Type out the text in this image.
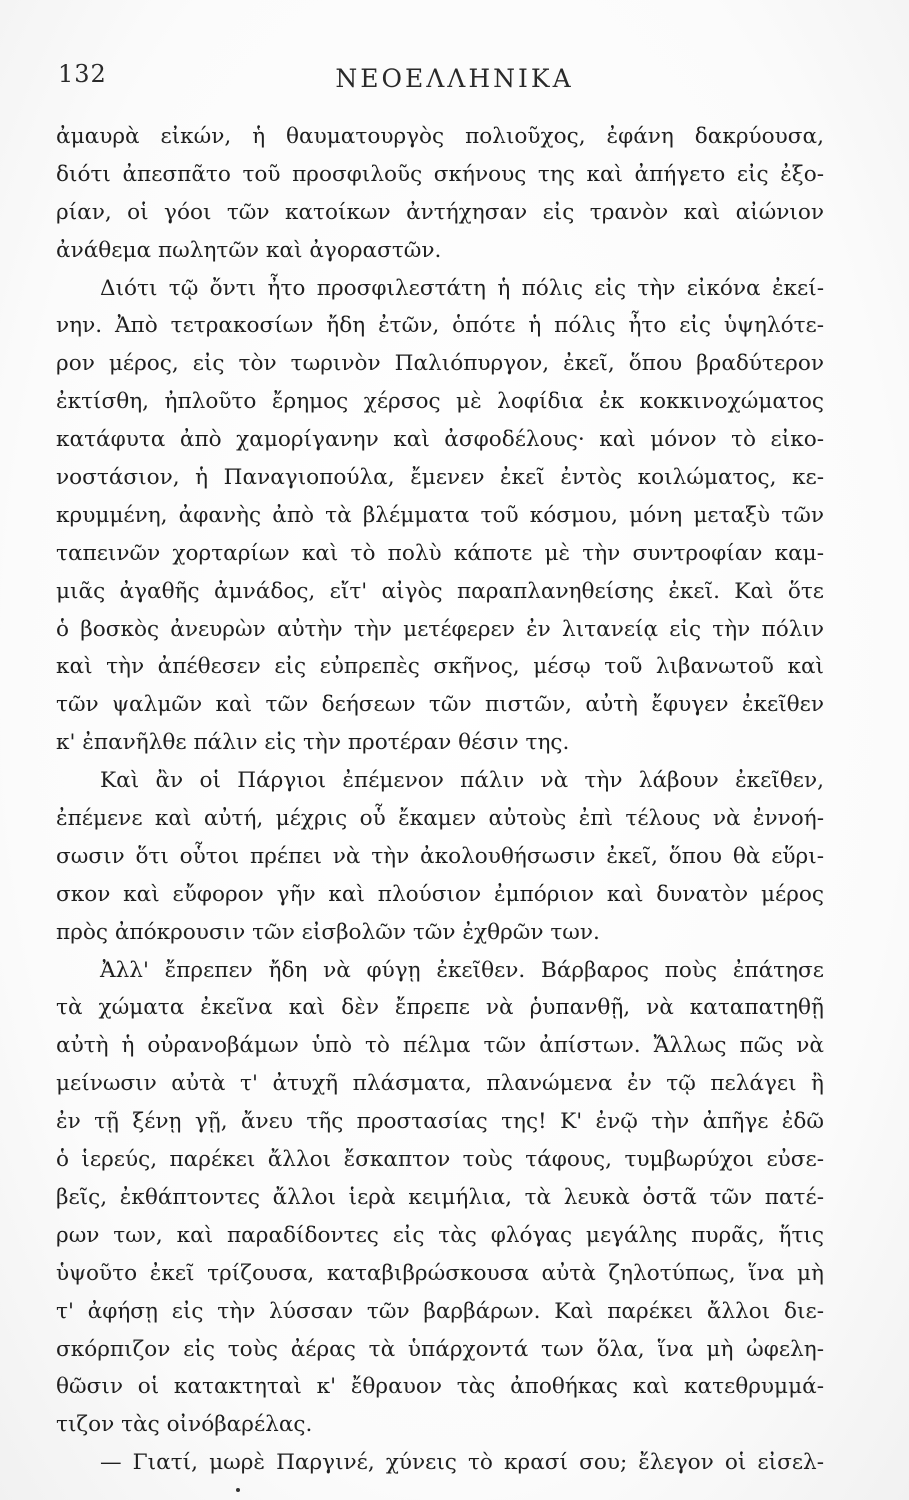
132	ΝΕΟΕΛΛΗΝΙΚΑ
ἀμαυρὰ εἰκών, ἡ θαυματουργὸς πολιοῦχος, ἐφάνη δακρύουσα,
διότι ἀπεσπᾶτο τοῦ προσφιλοῦς σκήνους της καὶ ἀπήγετο εἰς ἐξο-
ρίαν, οἱ γόοι τῶν κατοίκων ἀντήχησαν εἰς τρανὸν καὶ αἰώνιον
ἀνάθεμα πωλητῶν καὶ ἀγοραστῶν.
Διότι τῷ ὄντι ἦτο προσφιλεστάτη ἡ πόλις εἰς τὴν εἰκόνα ἐκεί-
νην. Ἀπὸ τετρακοσίων ἤδη ἐτῶν, ὁπότε ἡ πόλις ἦτο εἰς ὑψηλότε-
ρον μέρος, εἰς τὸν τωρινὸν Παλιόπυργον, ἐκεῖ, ὅπου βραδύτερον
ἐκτίσθη, ἠπλοῦτο ἔρημος χέρσος μὲ λοφίδια ἐκ κοκκινοχώματος
κατάφυτα ἀπὸ χαμορίγανην καὶ ἀσφοδέλους· καὶ μόνον τὸ εἰκο-
νοστάσιον, ἡ Παναγιοπούλα, ἔμενεν ἐκεῖ ἐντὸς κοιλώματος, κε-
κρυμμένη, ἀφανὴς ἀπὸ τὰ βλέμματα τοῦ κόσμου, μόνη μεταξὺ τῶν
ταπεινῶν χορταρίων καὶ τὸ πολὺ κάποτε μὲ τὴν συντροφίαν καμ-
μιᾶς ἀγαθῆς ἀμνάδος, εἴτ' αἰγὸς παραπλανηθείσης ἐκεῖ. Καὶ ὅτε
ὁ βοσκὸς ἀνευρὼν αὐτὴν τὴν μετέφερεν ἐν λιτανείᾳ εἰς τὴν πόλιν
καὶ τὴν ἀπέθεσεν εἰς εὐπρεπὲς σκῆνος, μέσῳ τοῦ λιβανωτοῦ καὶ
τῶν ψαλμῶν καὶ τῶν δεήσεων τῶν πιστῶν, αὐτὴ ἔφυγεν ἐκεῖθεν
κ' ἐπανῆλθε πάλιν εἰς τὴν προτέραν θέσιν της.
Καὶ ἂν οἱ Πάργιοι ἐπέμενον πάλιν νὰ τὴν λάβουν ἐκεῖθεν,
ἐπέμενε καὶ αὐτή, μέχρις οὗ ἔκαμεν αὐτοὺς ἐπὶ τέλους νὰ ἐννοή-
σωσιν ὅτι οὗτοι πρέπει νὰ τὴν ἀκολουθήσωσιν ἐκεῖ, ὅπου θὰ εὕρι-
σκον καὶ εὔφορον γῆν καὶ πλούσιον ἐμπόριον καὶ δυνατὸν μέρος
πρὸς ἀπόκρουσιν τῶν εἰσβολῶν τῶν ἐχθρῶν των.
Ἀλλ' ἔπρεπεν ἤδη νὰ φύγῃ ἐκεῖθεν. Βάρβαρος ποὺς ἐπάτησε
τὰ χώματα ἐκεῖνα καὶ δὲν ἔπρεπε νὰ ῥυπανθῇ, νὰ καταπατηθῇ
αὐτὴ ἡ οὐρανοβάμων ὑπὸ τὸ πέλμα τῶν ἀπίστων. Ἄλλως πῶς νὰ
μείνωσιν αὐτὰ τ' ἀτυχῆ πλάσματα, πλανώμενα ἐν τῷ πελάγει ἢ
ἐν τῇ ξένῃ γῇ, ἄνευ τῆς προστασίας της! Κ' ἐνῷ τὴν ἀπῆγε ἐδῶ
ὁ ἱερεύς, παρέκει ἄλλοι ἔσκαπτον τοὺς τάφους, τυμβωρύχοι εὐσε-
βεῖς, ἐκθάπτοντες ἄλλοι ἱερὰ κειμήλια, τὰ λευκὰ ὀστᾶ τῶν πατέ-
ρων των, καὶ παραδίδοντες εἰς τὰς φλόγας μεγάλης πυρᾶς, ἥτις
ὑψοῦτο ἐκεῖ τρίζουσα, καταβιβρώσκουσα αὐτὰ ζηλοτύπως, ἵνα μὴ
τ' ἀφήσῃ εἰς τὴν λύσσαν τῶν βαρβάρων. Καὶ παρέκει ἄλλοι διε-
σκόρπιζον εἰς τοὺς ἀέρας τὰ ὑπάρχοντά των ὅλα, ἵνα μὴ ὠφελη-
θῶσιν οἱ κατακτηταὶ κ' ἔθραυον τὰς ἀποθήκας καὶ κατεθρυμμά-
τιζον τὰς οἰνόβαρέλας.
— Γιατί, μωρὲ Παργινέ, χύνεις τὸ κρασί σου; ἔλεγον οἱ εἰσελ-
